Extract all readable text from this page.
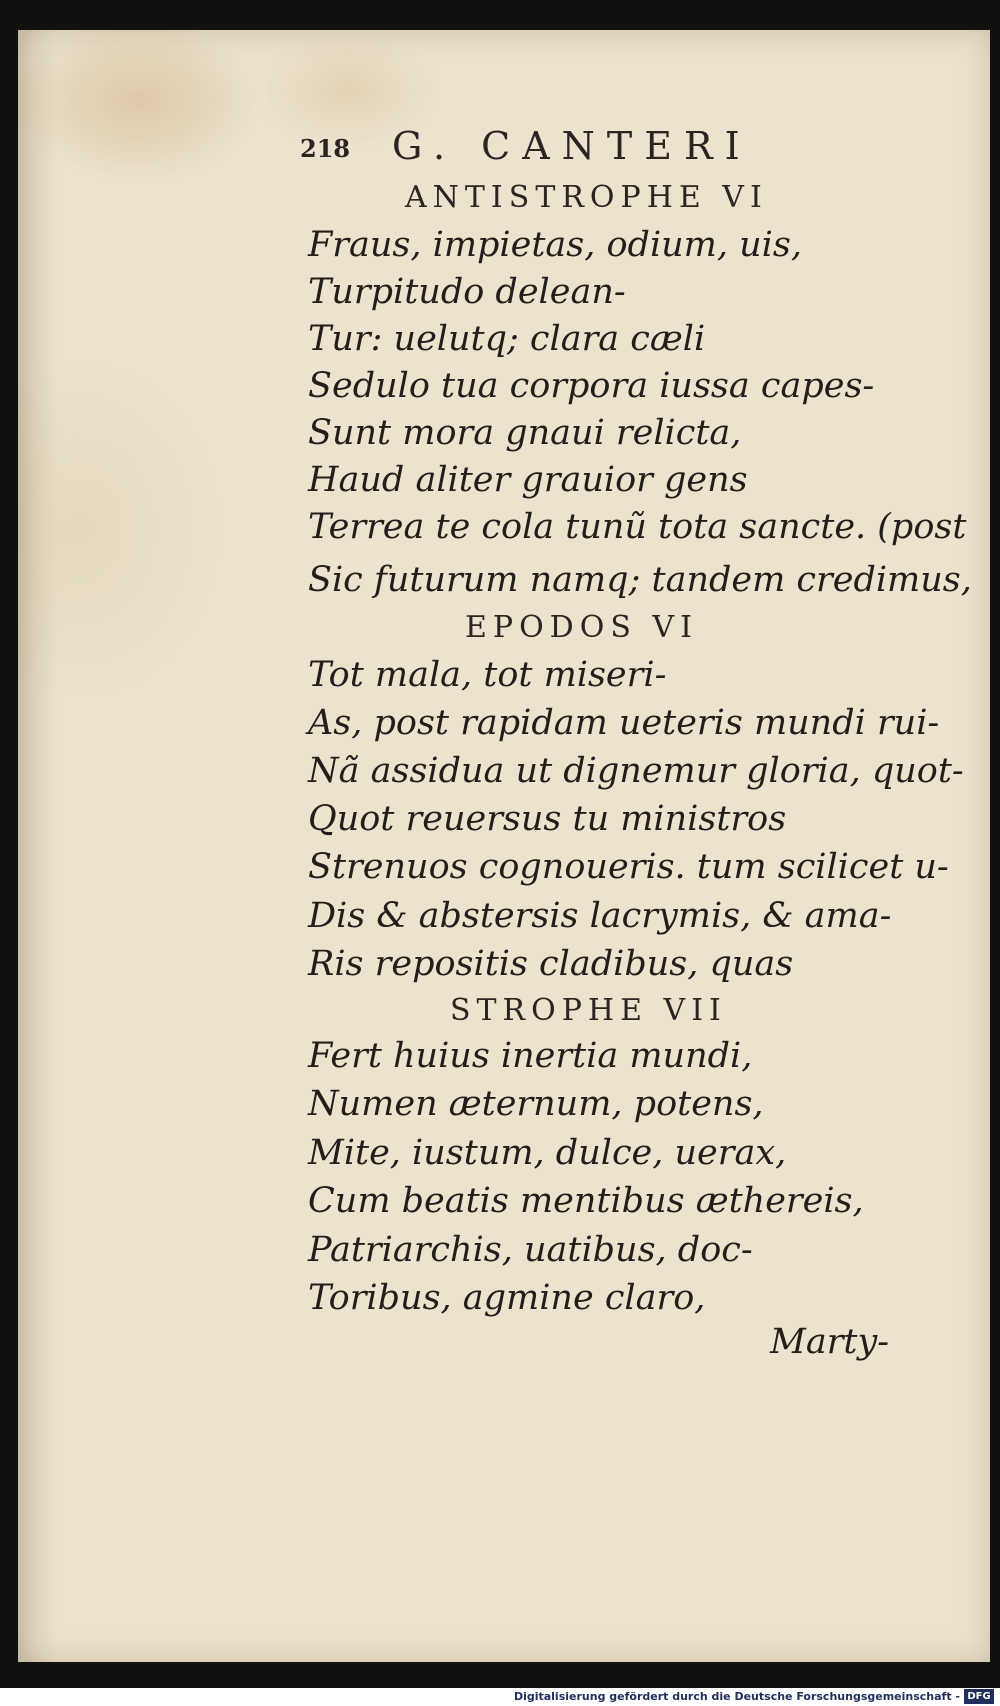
218 G. CANTERI
ANTISTROPHE VI
Fraus, impietas, odium, uis,
Turpitudo delean-
Tur: uelutq; clara cæli
Sedulo tua corpora iussa capes-
Sunt mora gnaui relicta,
Haud aliter grauior gens
Terrea te cola tunũ tota sancte. (post
Sic futurum namq; tandem credimus,
EPODOS VI
Tot mala, tot miseri-
As, post rapidam ueteris mundi rui-
Nã assidua ut dignemur gloria, quot-
Quot reuersus tu ministros
Strenuos cognoueris. tum scilicet u-
Dis & abstersis lacrymis, & ama-
Ris repositis cladibus, quas
STROPHE VII
Fert huius inertia mundi,
Numen æternum, potens,
Mite, iustum, dulce, uerax,
Cum beatis mentibus æthereis,
Patriarchis, uatibus, doc-
Toribus, agmine claro,
Marty-
Digitalisierung gefördert durch die Deutsche Forschungsgemeinschaft - DFG
